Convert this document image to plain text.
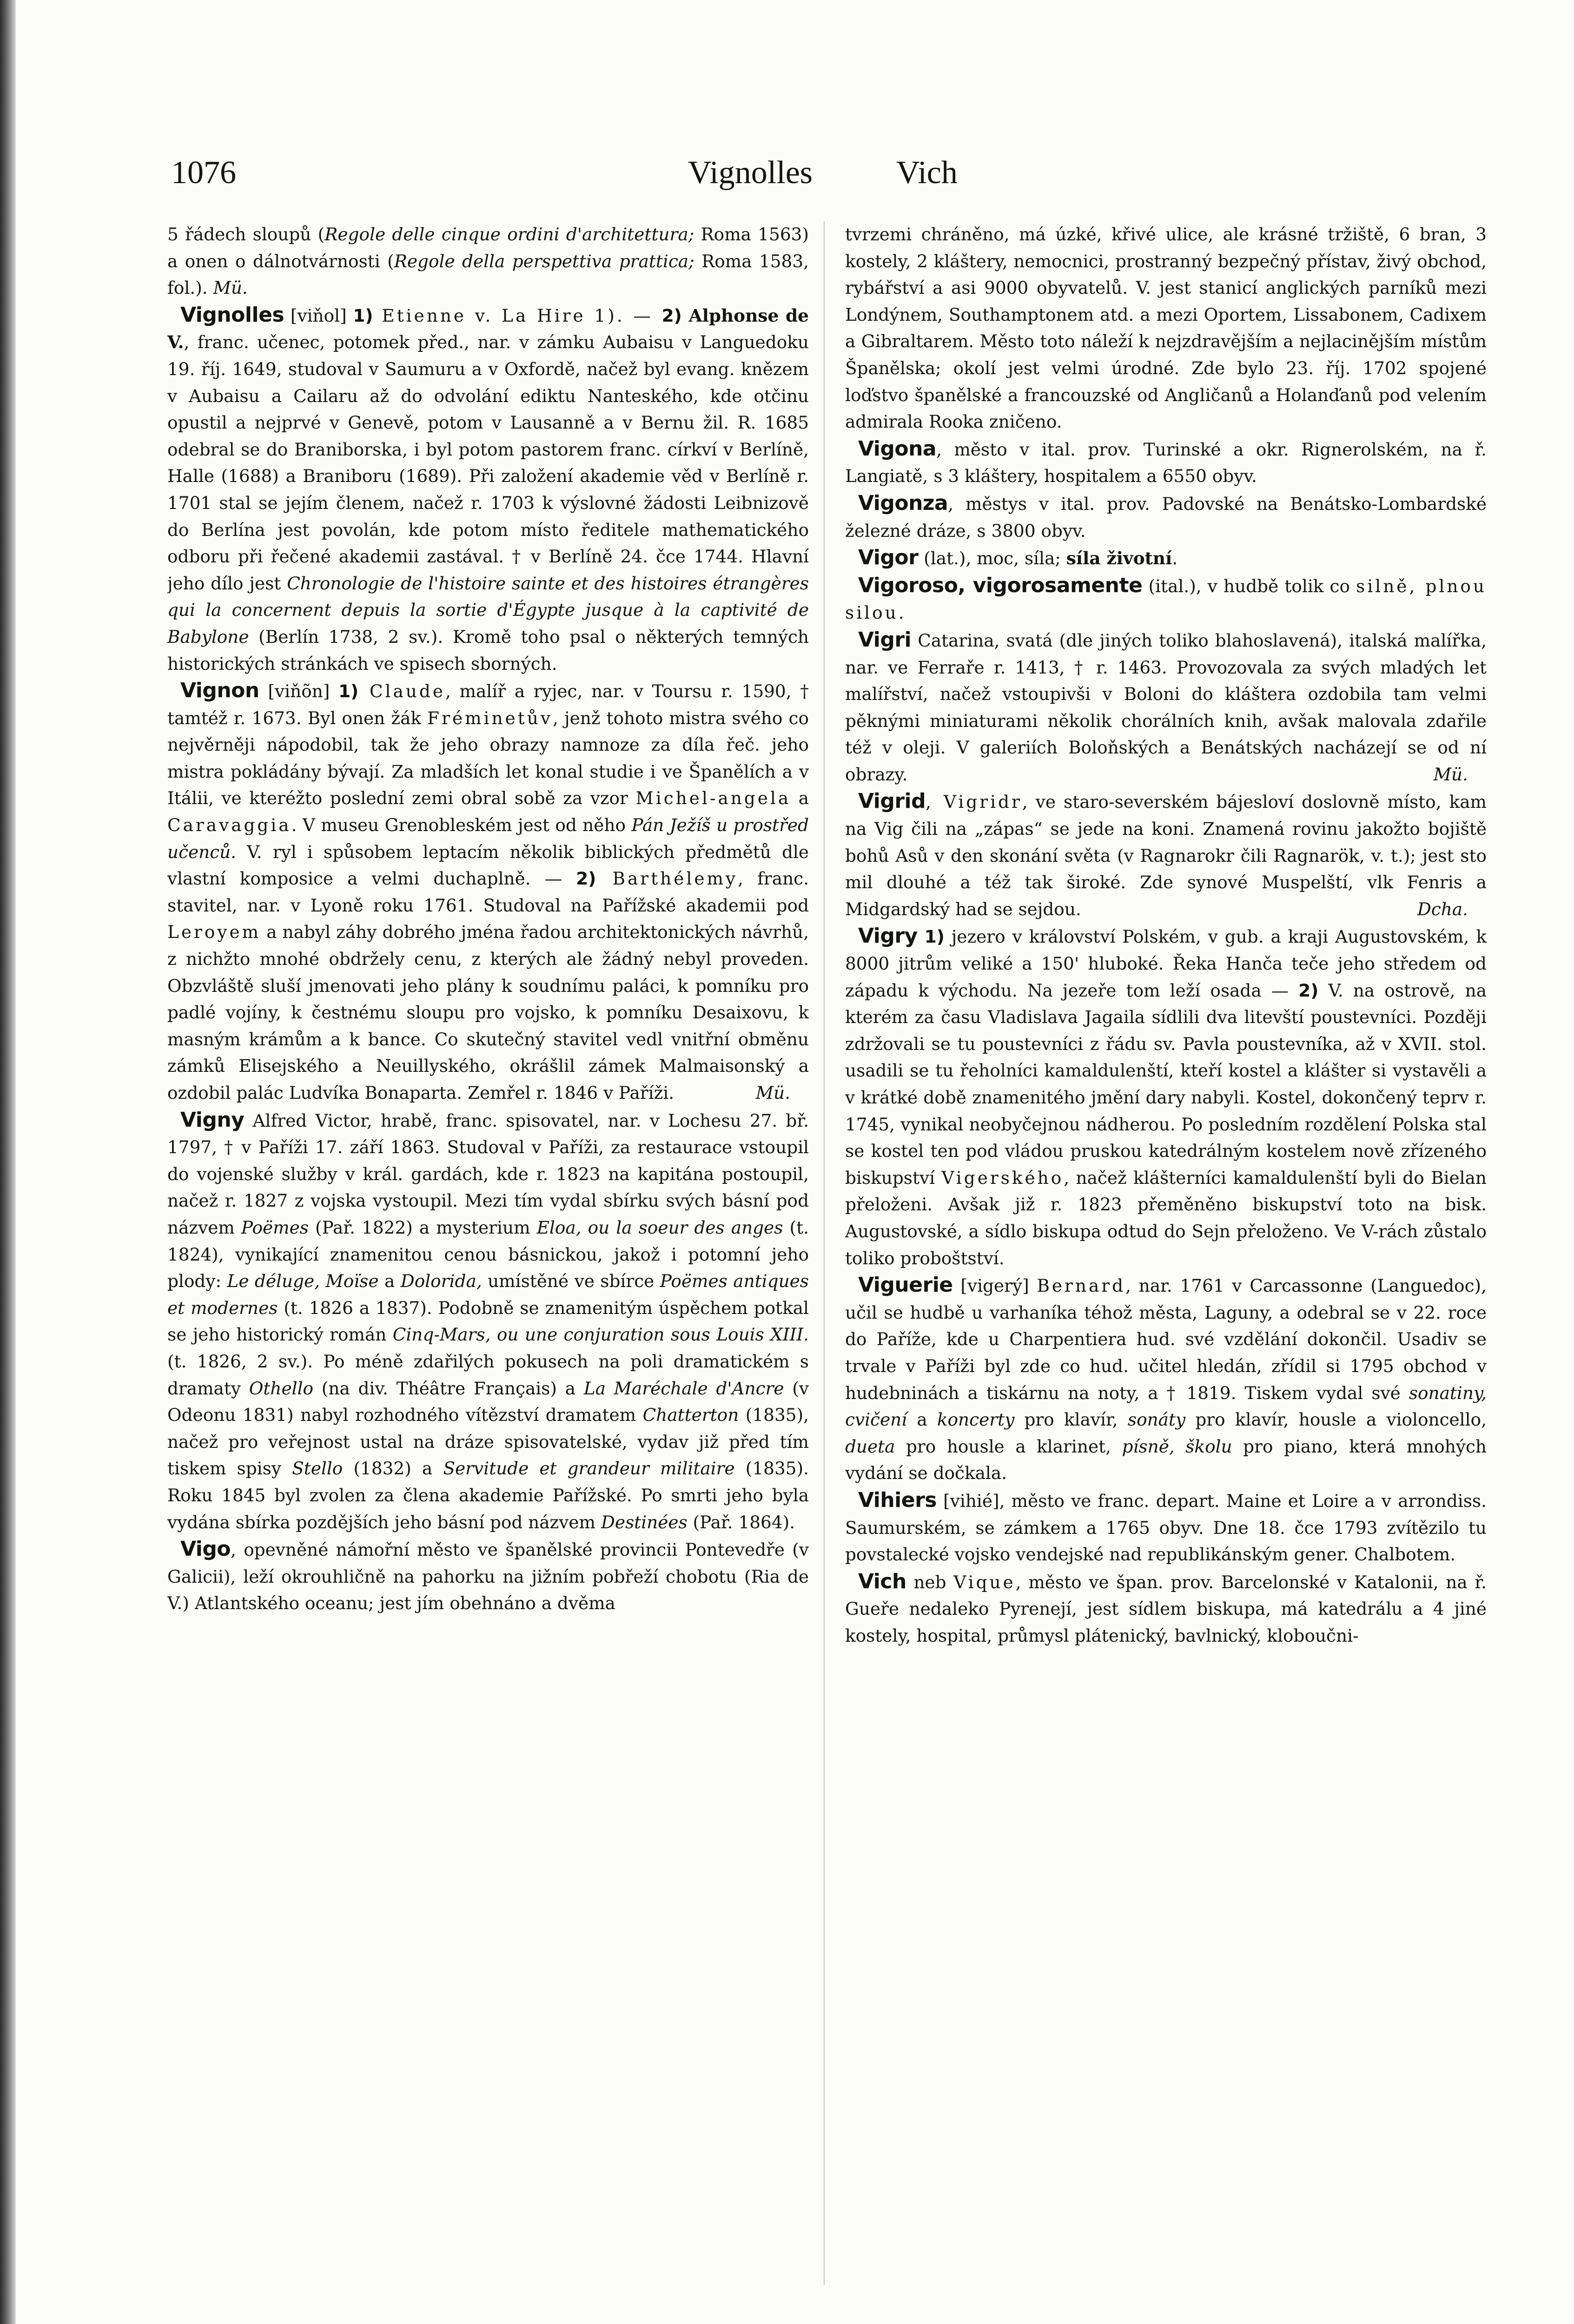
1076	Vignolles	Vich

5 řádech sloupů (Regole delle cinque ordini d'architettura; Roma 1563) a onen o dálnotvárnosti (Regole della perspettiva prattica; Roma 1583, fol.). Mü.

Vignolles [viňol] 1) Etienne v. La Hire 1). — 2) Alphonse de V., franc. učenec, potomek před., nar. v zámku Aubaisu v Languedoku 19. říj. 1649, studoval v Saumuru a v Oxfordě, načež byl evang. knězem v Aubaisu a Cailaru až do odvolání ediktu Nanteského, kde otčinu opustil a nejprvé v Genevě, potom v Lausanně a v Bernu žil. R. 1685 odebral se do Braniborska, i byl potom pastorem franc. církví v Berlíně, Halle (1688) a Braniboru (1689). Při založení akademie věd v Berlíně r. 1701 stal se jejím členem, načež r. 1703 k výslovné žádosti Leibnizově do Berlína jest povolán, kde potom místo ředitele mathematického odboru při řečené akademii zastával. † v Berlíně 24. čce 1744. Hlavní jeho dílo jest Chronologie de l'histoire sainte et des histoires étrangères qui la concernent depuis la sortie d'Égypte jusque à la captivité de Babylone (Berlín 1738, 2 sv.). Kromě toho psal o některých temných historických stránkách ve spisech sborných.

Vignon [viňõn] 1) Claude, malíř a ryjec, nar. v Toursu r. 1590, † tamtéž r. 1673. Byl onen žák Fréminetův, jenž tohoto mistra svého co nejvěrněji nápodobil, tak že jeho obrazy namnoze za díla řeč. jeho mistra pokládány bývají. Za mladších let konal studie i ve Španělích a v Itálii, ve kteréžto poslední zemi obral sobě za vzor Michel-angela a Caravaggia. V museu Grenobleském jest od něho Pán Ježíš u prostřed učenců. V. ryl i spůsobem leptacím několik biblických předmětů dle vlastní komposice a velmi duchaplně. — 2) Barthélemy, franc. stavitel, nar. v Lyoně roku 1761. Studoval na Pařížské akademii pod Leroyem a nabyl záhy dobrého jména řadou architektonických návrhů, z nichžto mnohé obdržely cenu, z kterých ale žádný nebyl proveden. Obzvláště sluší jmenovati jeho plány k soudnímu paláci, k pomníku pro padlé vojíny, k čestnému sloupu pro vojsko, k pomníku Desaixovu, k masným krámům a k bance. Co skutečný stavitel vedl vnitřní obměnu zámků Elisejského a Neuillyského, okrášlil zámek Malmaisonský a ozdobil palác Ludvíka Bonaparta. Zemřel r. 1846 v Paříži.	Mü.

Vigny Alfred Victor, hrabě, franc. spisovatel, nar. v Lochesu 27. bř. 1797, † v Paříži 17. září 1863. Studoval v Paříži, za restaurace vstoupil do vojenské služby v král. gardách, kde r. 1823 na kapitána postoupil, načež r. 1827 z vojska vystoupil. Mezi tím vydal sbírku svých básní pod názvem Poëmes (Pař. 1822) a mysterium Eloa, ou la soeur des anges (t. 1824), vynikající znamenitou cenou básnickou, jakož i potomní jeho plody: Le déluge, Moïse a Dolorida, umístěné ve sbírce Poëmes antiques et modernes (t. 1826 a 1837). Podobně se znamenitým úspěchem potkal se jeho historický román Cinq-Mars, ou une conjuration sous Louis XIII. (t. 1826, 2 sv.). Po méně zdařilých pokusech na poli dramatickém s dramaty Othello (na div. Théâtre Français) a La Maréchale d'Ancre (v Odeonu 1831) nabyl rozhodného vítězství dramatem Chatterton (1835), načež pro veřejnost ustal na dráze spisovatelské, vydav již před tím tiskem spisy Stello (1832) a Servitude et grandeur militaire (1835). Roku 1845 byl zvolen za člena akademie Pařížské. Po smrti jeho byla vydána sbírka pozdějších jeho básní pod názvem Destinées (Pař. 1864).

Vigo, opevněné námořní město ve španělské provincii Pontevedře (v Galicii), leží okrouhličně na pahorku na jižním pobřeží chobotu (Ria de V.) Atlantského oceanu; jest jím obehnáno a dvěma

tvrzemi chráněno, má úzké, křivé ulice, ale krásné tržiště, 6 bran, 3 kostely, 2 kláštery, nemocnici, prostranný bezpečný přístav, živý obchod, rybářství a asi 9000 obyvatelů. V. jest stanicí anglických parníků mezi Londýnem, Southamptonem atd. a mezi Oportem, Lissabonem, Cadixem a Gibraltarem. Město toto náleží k nejzdravějším a nejlacinějším místům Španělska; okolí jest velmi úrodné. Zde bylo 23. říj. 1702 spojené loďstvo španělské a francouzské od Angličanů a Holanďanů pod velením admirala Rooka zničeno.

Vigona, město v ital. prov. Turinské a okr. Rignerolském, na ř. Langiatě, s 3 kláštery, hospitalem a 6550 obyv.

Vigonza, městys v ital. prov. Padovské na Benátsko-Lombardské železné dráze, s 3800 obyv.

Vigor (lat.), moc, síla; síla životní.

Vigoroso, vigorosamente (ital.), v hudbě tolik co silně, plnou silou.

Vigri Catarina, svatá (dle jiných toliko blahoslavená), italská malířka, nar. ve Ferraře r. 1413, † r. 1463. Provozovala za svých mladých let malířství, načež vstoupivši v Boloni do kláštera ozdobila tam velmi pěknými miniaturami několik chorálních knih, avšak malovala zdařile též v oleji. V galeriích Boloňských a Benátských nacházejí se od ní obrazy.	Mü.

Vigrid, Vigridr, ve staro-severském bájesloví doslovně místo, kam na Vig čili na „zápas“ se jede na koni. Znamená rovinu jakožto bojiště bohů Asů v den skonání světa (v Ragnarokr čili Ragnarök, v. t.); jest sto mil dlouhé a též tak široké. Zde synové Muspelští, vlk Fenris a Midgardský had se sejdou.	Dcha.

Vigry 1) jezero v království Polském, v gub. a kraji Augustovském, k 8000 jitrům veliké a 150' hluboké. Řeka Hanča teče jeho středem od západu k východu. Na jezeře tom leží osada — 2) V. na ostrově, na kterém za času Vladislava Jagaila sídlili dva litevští poustevníci. Později zdržovali se tu poustevníci z řádu sv. Pavla poustevníka, až v XVII. stol. usadili se tu řeholníci kamaldulenští, kteří kostel a klášter si vystavěli a v krátké době znamenitého jmění dary nabyli. Kostel, dokončený teprv r. 1745, vynikal neobyčejnou nádherou. Po posledním rozdělení Polska stal se kostel ten pod vládou pruskou katedrálným kostelem nově zřízeného biskupství Vigerského, načež klášterníci kamaldulenští byli do Bielan přeloženi. Avšak již r. 1823 přeměněno biskupství toto na bisk. Augustovské, a sídlo biskupa odtud do Sejn přeloženo. Ve V-rách zůstalo toliko proboštství.

Viguerie [vigerý] Bernard, nar. 1761 v Carcassonne (Languedoc), učil se hudbě u varhaníka téhož města, Laguny, a odebral se v 22. roce do Paříže, kde u Charpentiera hud. své vzdělání dokončil. Usadiv se trvale v Paříži byl zde co hud. učitel hledán, zřídil si 1795 obchod v hudebninách a tiskárnu na noty, a † 1819. Tiskem vydal své sonatiny, cvičení a koncerty pro klavír, sonáty pro klavír, housle a violoncello, dueta pro housle a klarinet, písně, školu pro piano, která mnohých vydání se dočkala.

Vihiers [vihié], město ve franc. depart. Maine et Loire a v arrondiss. Saumurském, se zámkem a 1765 obyv. Dne 18. čce 1793 zvítězilo tu povstalecké vojsko vendejské nad republikánským gener. Chalbotem.

Vich neb Vique, město ve špan. prov. Barcelonské v Katalonii, na ř. Gueře nedaleko Pyrenejí, jest sídlem biskupa, má katedrálu a 4 jiné kostely, hospital, průmysl plátenický, bavlnický, kloboučni-
